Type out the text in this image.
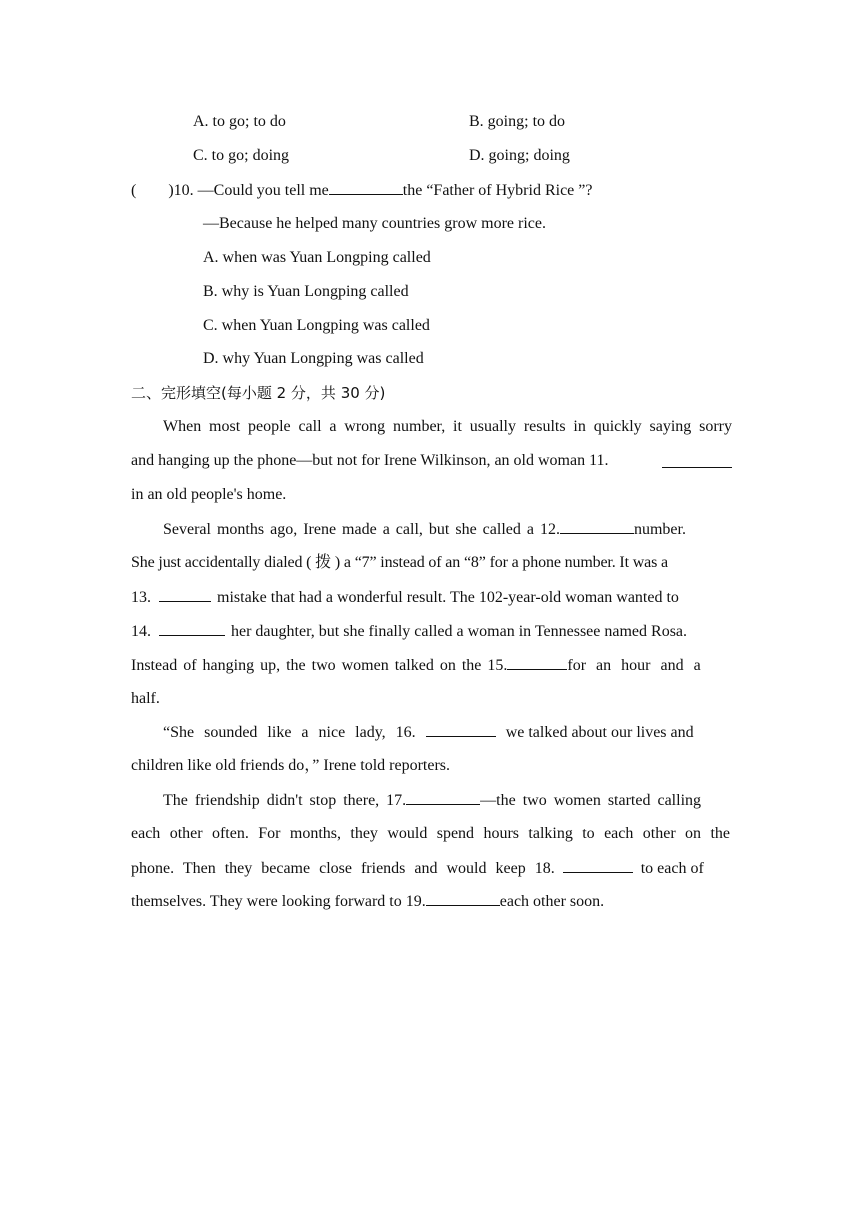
A. to go; to do	B. going; to do
C. to go; doing	D. going; doing
(        )10. —Could you tell me	the “Father of Hybrid Rice ”?
—Because he helped many countries grow more rice.
A. when was Yuan Longping called
B. why is Yuan Longping called
C. when Yuan Longping was called
D. why Yuan Longping was called
二、完形填空(每小题 2 分，共 30 分)
When most people call a wrong number, it usually results in quickly saying sorry
and hanging up the phone—but not for Irene Wilkinson, an old woman 11.
in an old people's home.
Several months ago, Irene made a call, but she called a 12.	number.
She just accidentally dialed ( 拨 ) a “7” instead of an “8” for a phone number. It was a
13.	mistake that had a wonderful result. The 102-year-old woman wanted to
14.	her daughter, but she finally called a woman in Tennessee named Rosa.
Instead of hanging up, the two women talked on the 15.	for an hour and a
half.
“She sounded like a nice lady, 16.	we talked about our lives and
children like old friends do，” Irene told reporters.
The friendship didn't stop there, 17.	—the two women started calling
each other often. For months, they would spend hours talking to each other on the
phone. Then they became close friends and would keep 18.	to each of
themselves. They were looking forward to 19.	each other soon.
